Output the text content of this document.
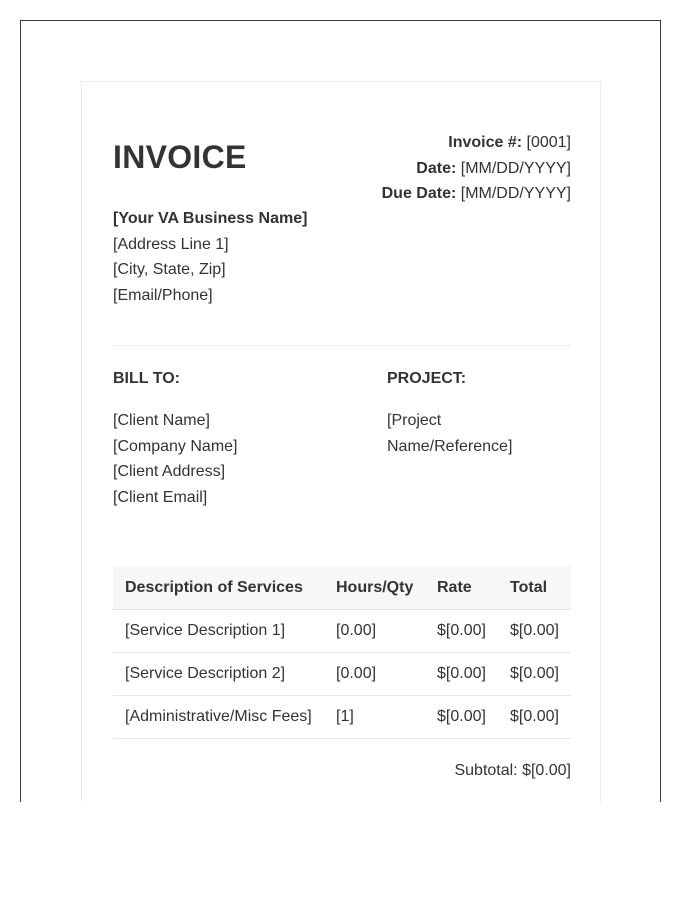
INVOICE	Invoice #: [0001]
Date: [MM/DD/YYYY]
Due Date: [MM/DD/YYYY]
[Your VA Business Name]
[Address Line 1]
[City, State, Zip]
[Email/Phone]
BILL TO:	PROJECT:
[Client Name]
[Company Name]
[Client Address]
[Client Email]
[Project Name/Reference]
Description of Services	Hours/Qty	Rate	Total
[Service Description 1]	[0.00]	$[0.00]	$[0.00]
[Service Description 2]	[0.00]	$[0.00]	$[0.00]
[Administrative/Misc Fees]	[1]	$[0.00]	$[0.00]
Subtotal: $[0.00]
